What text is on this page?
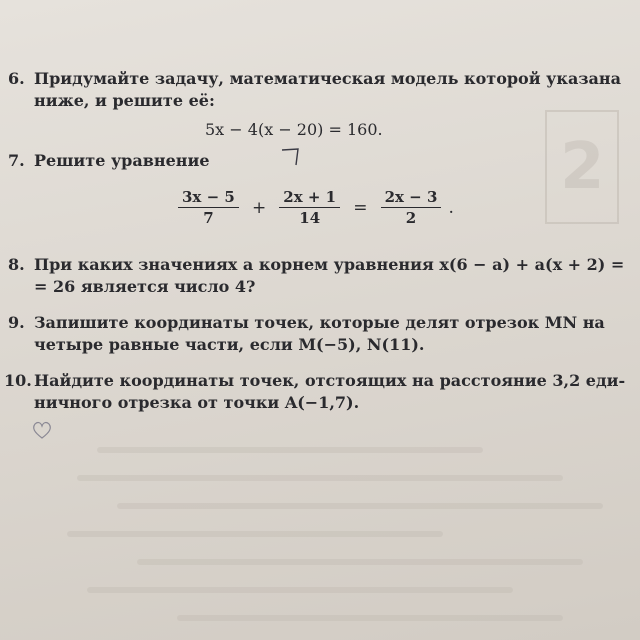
2
6. Придумайте задачу, математическая модель которой указана
ниже, и решите её:
5x − 4(x − 20) = 160.
7. Решите уравнение
$\frac{3x - 5}{7} + \frac{2x + 1}{14} = \frac{2x - 3}{2}$ .
8. При каких значениях a корнем уравнения x(6 − a) + a(x + 2) =
= 26 является число 4?
9. Запишите координаты точек, которые делят отрезок MN на
четыре равные части, если M(−5), N(11).
10. Найдите координаты точек, отстоящих на расстояние 3,2 еди-
ничного отрезка от точки A(−1,7).
